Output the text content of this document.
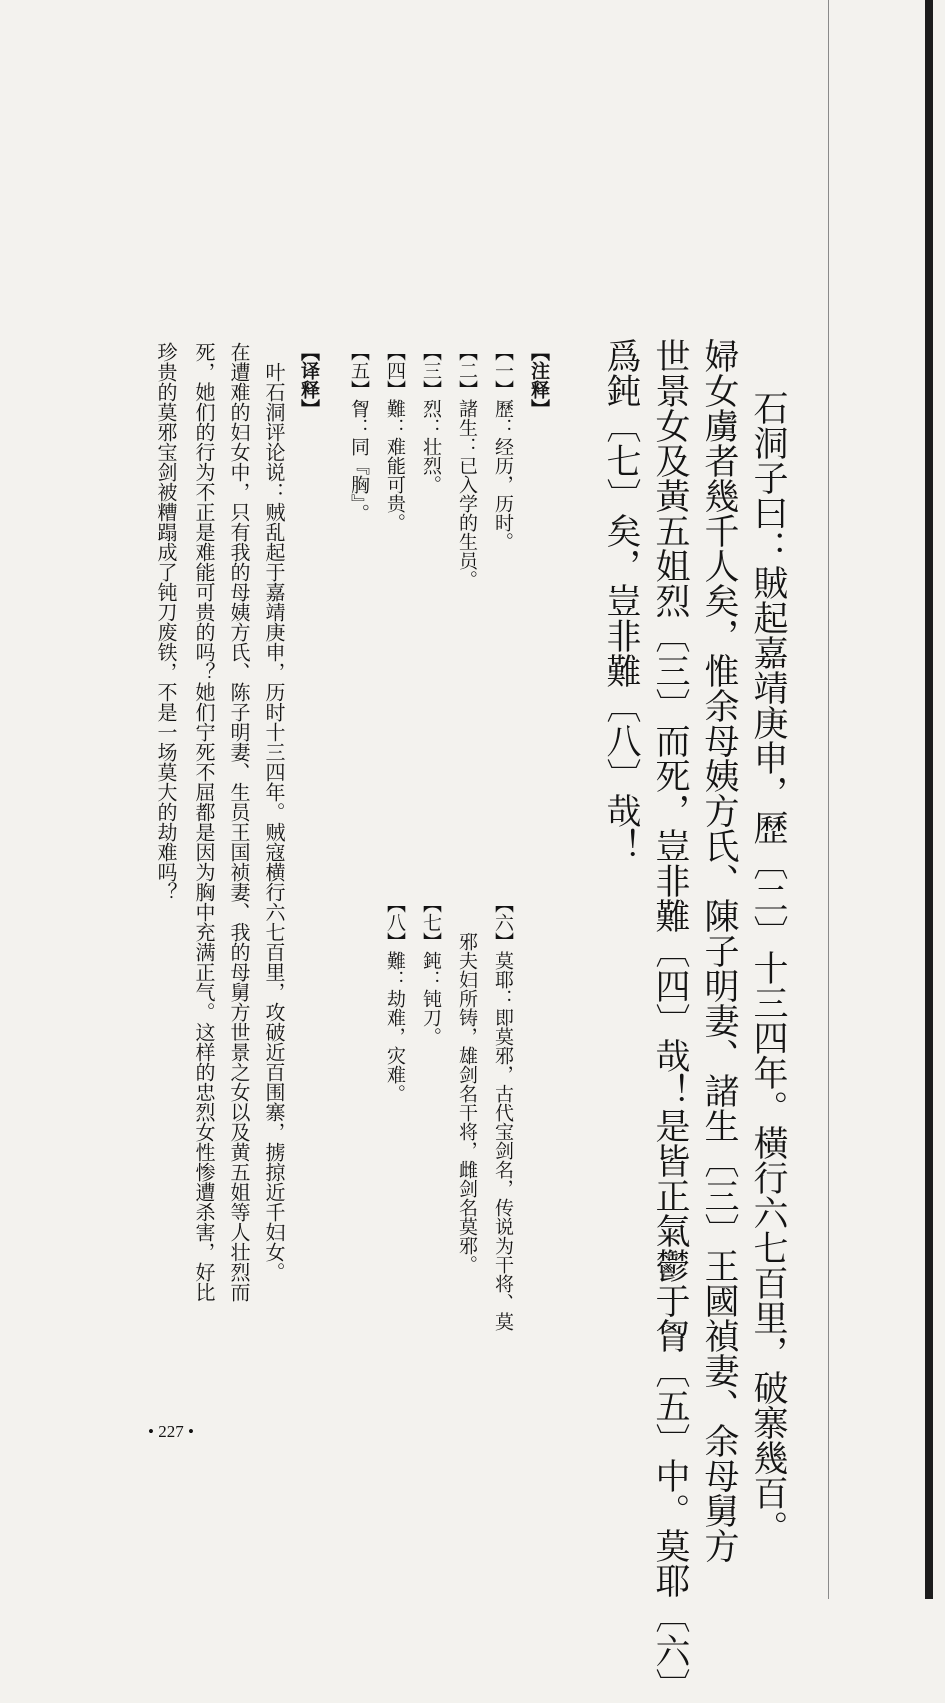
石洞子曰：賊起嘉靖庚申，歷〔二〕十三四年。橫行六七百里，破寨幾百。
婦女虜者幾千人矣，惟余母姨方氏、陳子明妻、諸生〔三〕王國禎妻、余母舅方
世景女及黃五姐烈〔三〕而死，豈非難〔四〕哉！是皆正氣鬱于胷〔五〕中。莫耶〔六〕
爲鈍〔七〕矣，豈非難〔八〕哉！
【注释】
【一】歷：经历，历时。
【二】諸生：已入学的生员。
【三】烈：壮烈。
【四】難：难能可贵。
【五】胷：同『胸』。
【六】莫耶：即莫邪，古代宝剑名，传说为干将、莫
　　邪夫妇所铸，雄剑名干将，雌剑名莫邪。
【七】鈍：钝刀。
【八】難：劫难，灾难。
【译释】
　叶石洞评论说：贼乱起于嘉靖庚申，历时十三四年。贼寇横行六七百里，攻破近百围寨，掳掠近千妇女。
在遭难的妇女中，只有我的母姨方氏、陈子明妻、生员王国祯妻、我的母舅方世景之女以及黄五姐等人壮烈而
死，她们的行为不正是难能可贵的吗？她们宁死不屈都是因为胸中充满正气。这样的忠烈女性惨遭杀害，好比
珍贵的莫邪宝剑被糟蹋成了钝刀废铁，不是一场莫大的劫难吗？
• 227 •
